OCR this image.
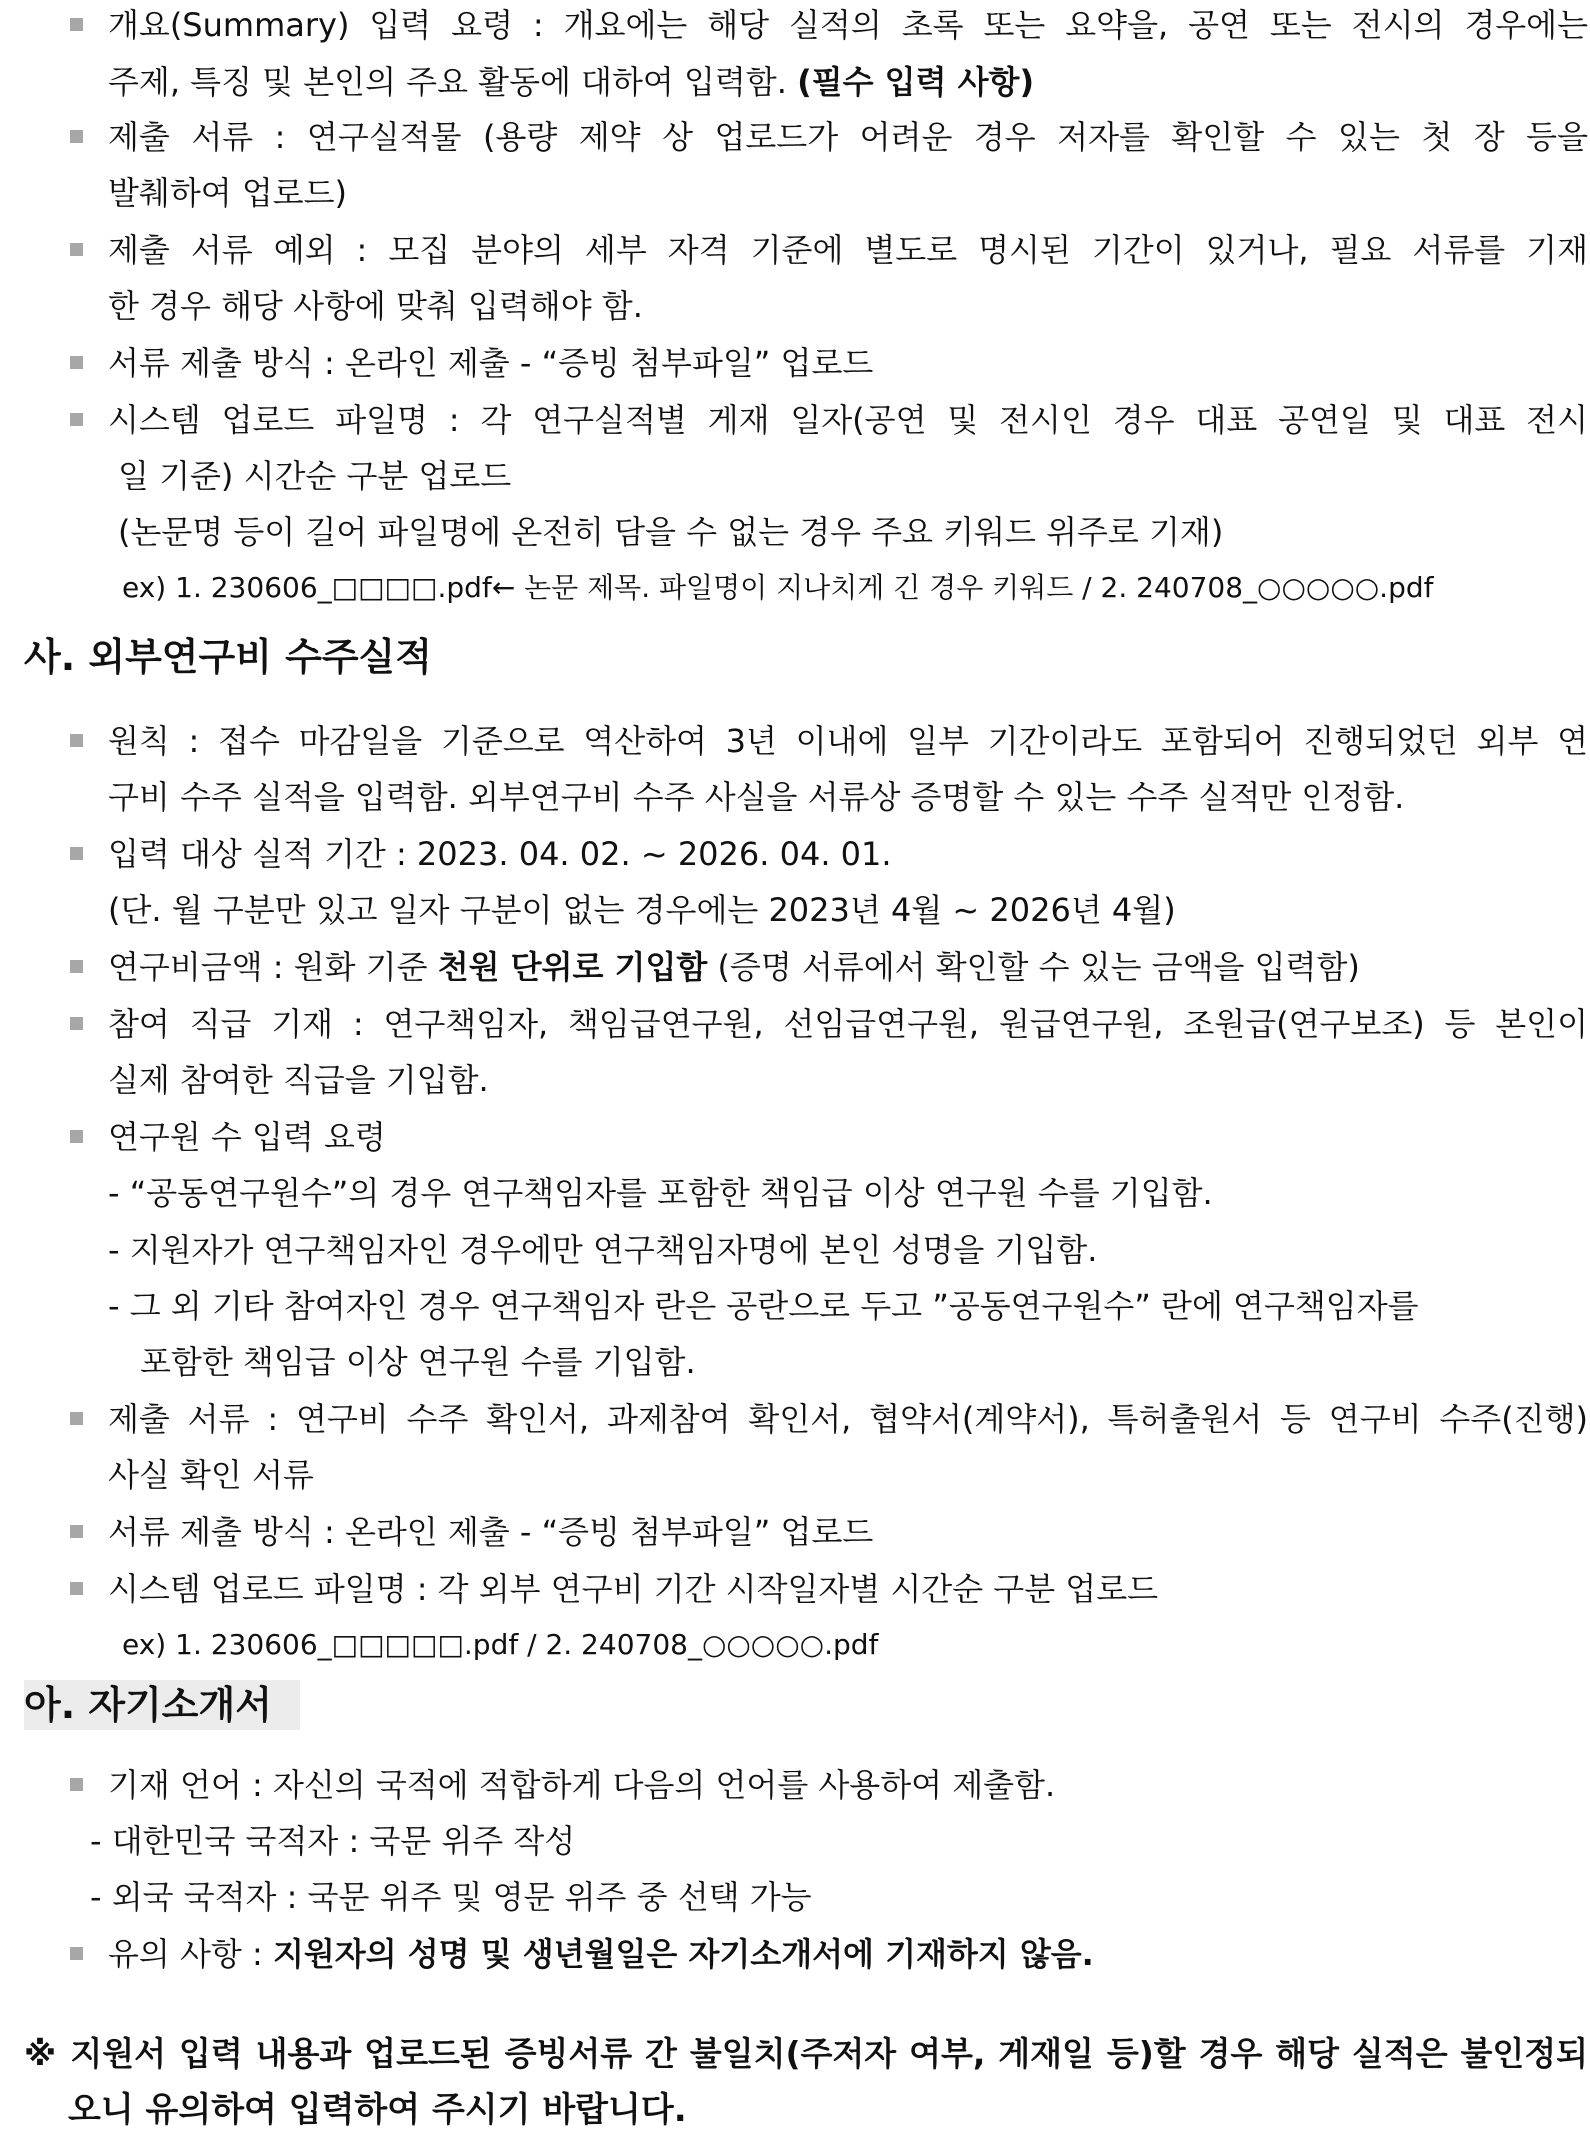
개요(Summary) 입력 요령 : 개요에는 해당 실적의 초록 또는 요약을, 공연 또는 전시의 경우에는
주제, 특징 및 본인의 주요 활동에 대하여 입력함. (필수 입력 사항)
제출 서류 : 연구실적물 (용량 제약 상 업로드가 어려운 경우 저자를 확인할 수 있는 첫 장 등을
발췌하여 업로드)
제출 서류 예외 : 모집 분야의 세부 자격 기준에 별도로 명시된 기간이 있거나, 필요 서류를 기재
한 경우 해당 사항에 맞춰 입력해야 함.
서류 제출 방식 : 온라인 제출 - “증빙 첨부파일” 업로드
시스템 업로드 파일명 : 각 연구실적별 게재 일자(공연 및 전시인 경우 대표 공연일 및 대표 전시
일 기준) 시간순 구분 업로드
(논문명 등이 길어 파일명에 온전히 담을 수 없는 경우 주요 키워드 위주로 기재)
ex) 1. 230606_□□□□.pdf← 논문 제목. 파일명이 지나치게 긴 경우 키워드 / 2. 240708_○○○○○.pdf
사. 외부연구비 수주실적
원칙 : 접수 마감일을 기준으로 역산하여 3년 이내에 일부 기간이라도 포함되어 진행되었던 외부 연
구비 수주 실적을 입력함. 외부연구비 수주 사실을 서류상 증명할 수 있는 수주 실적만 인정함.
입력 대상 실적 기간 : 2023. 04. 02. ~ 2026. 04. 01.
(단. 월 구분만 있고 일자 구분이 없는 경우에는 2023년 4월 ~ 2026년 4월)
연구비금액 : 원화 기준 천원 단위로 기입함 (증명 서류에서 확인할 수 있는 금액을 입력함)
참여 직급 기재 : 연구책임자, 책임급연구원, 선임급연구원, 원급연구원, 조원급(연구보조) 등 본인이
실제 참여한 직급을 기입함.
연구원 수 입력 요령
- “공동연구원수”의 경우 연구책임자를 포함한 책임급 이상 연구원 수를 기입함.
- 지원자가 연구책임자인 경우에만 연구책임자명에 본인 성명을 기입함.
- 그 외 기타 참여자인 경우 연구책임자 란은 공란으로 두고 ”공동연구원수” 란에 연구책임자를
포함한 책임급 이상 연구원 수를 기입함.
제출 서류 : 연구비 수주 확인서, 과제참여 확인서, 협약서(계약서), 특허출원서 등 연구비 수주(진행)
사실 확인 서류
서류 제출 방식 : 온라인 제출 - “증빙 첨부파일” 업로드
시스템 업로드 파일명 : 각 외부 연구비 기간 시작일자별 시간순 구분 업로드
ex) 1. 230606_□□□□□.pdf / 2. 240708_○○○○○.pdf
아. 자기소개서
기재 언어 : 자신의 국적에 적합하게 다음의 언어를 사용하여 제출함.
- 대한민국 국적자 : 국문 위주 작성
- 외국 국적자 : 국문 위주 및 영문 위주 중 선택 가능
유의 사항 : 지원자의 성명 및 생년월일은 자기소개서에 기재하지 않음.
※ 지원서 입력 내용과 업로드된 증빙서류 간 불일치(주저자 여부, 게재일 등)할 경우 해당 실적은 불인정되
오니 유의하여 입력하여 주시기 바랍니다.
